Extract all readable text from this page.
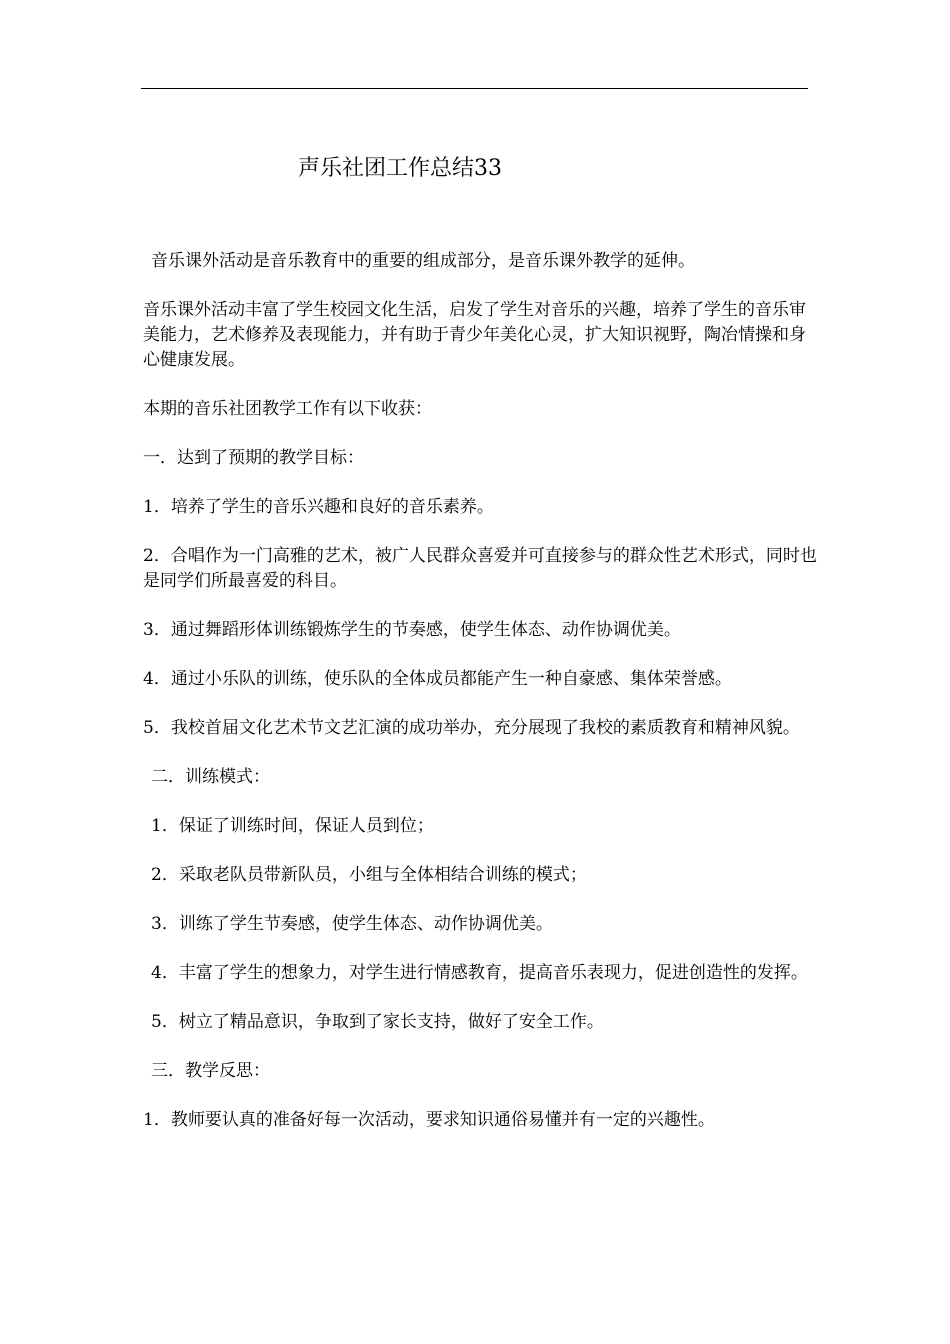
声乐社团工作总结33

音乐课外活动是音乐教育中的重要的组成部分，是音乐课外教学的延伸。

音乐课外活动丰富了学生校园文化生活，启发了学生对音乐的兴趣，培养了学生的音乐审美能力，艺术修养及表现能力，并有助于青少年美化心灵，扩大知识视野，陶冶情操和身心健康发展。

本期的音乐社团教学工作有以下收获：

一．达到了预期的教学目标：

1．培养了学生的音乐兴趣和良好的音乐素养。

2．合唱作为一门高雅的艺术，被广人民群众喜爱并可直接参与的群众性艺术形式，同时也是同学们所最喜爱的科目。

3．通过舞蹈形体训练锻炼学生的节奏感，使学生体态、动作协调优美。

4．通过小乐队的训练，使乐队的全体成员都能产生一种自豪感、集体荣誉感。

5．我校首届文化艺术节文艺汇演的成功举办，充分展现了我校的素质教育和精神风貌。

二．训练模式：

1．保证了训练时间，保证人员到位；

2．采取老队员带新队员，小组与全体相结合训练的模式；

3．训练了学生节奏感，使学生体态、动作协调优美。

4．丰富了学生的想象力，对学生进行情感教育，提高音乐表现力，促进创造性的发挥。

5．树立了精品意识，争取到了家长支持，做好了安全工作。

三．教学反思：

1．教师要认真的准备好每一次活动，要求知识通俗易懂并有一定的兴趣性。
